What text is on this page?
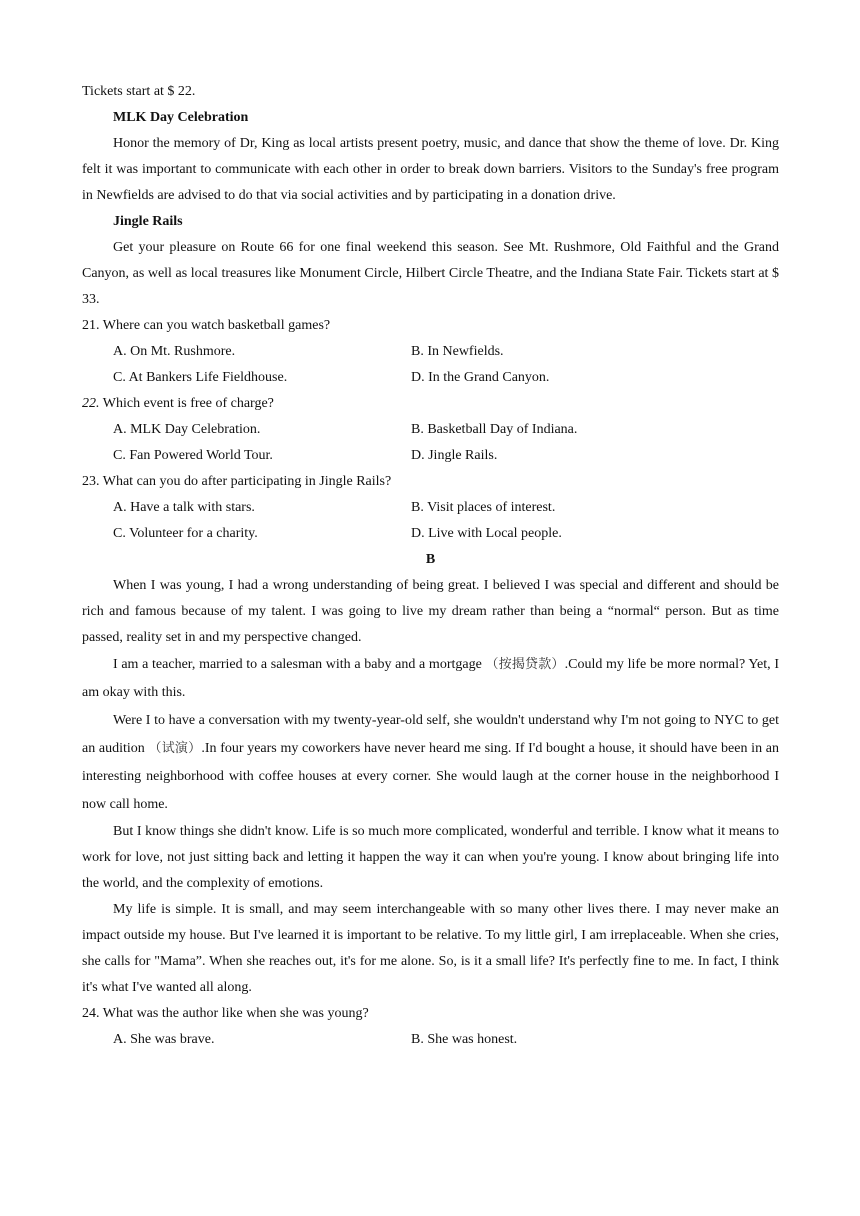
Tickets start at $ 22.
MLK Day Celebration

Honor the memory of Dr, King as local artists present poetry, music, and dance that show the theme of love. Dr. King felt it was important to communicate with each other in order to break down barriers. Visitors to the Sunday's free program in Newfields are advised to do that via social activities and by participating in a donation drive.

Jingle Rails

Get your pleasure on Route 66 for one final weekend this season. See Mt. Rushmore, Old Faithful and the Grand Canyon, as well as local treasures like Monument Circle, Hilbert Circle Theatre, and the Indiana State Fair. Tickets start at $ 33.

21. Where can you watch basketball games?
A. On Mt. Rushmore.	B. In Newfields.
C. At Bankers Life Fieldhouse.	D. In the Grand Canyon.
22. Which event is free of charge?
A. MLK Day Celebration.	B. Basketball Day of Indiana.
C. Fan Powered World Tour.	D. Jingle Rails.
23. What can you do after participating in Jingle Rails?
A. Have a talk with stars.	B. Visit places of interest.
C. Volunteer for a charity.	D. Live with Local people.
B

When I was young, I had a wrong understanding of being great. I believed I was special and different and should be rich and famous because of my talent. I was going to live my dream rather than being a “normal“ person. But as time passed, reality set in and my perspective changed.

I am a teacher, married to a salesman with a baby and a mortgage （按揭贷款）.Could my life be more normal? Yet, I am okay with this.

Were I to have a conversation with my twenty-year-old self, she wouldn't understand why I'm not going to NYC to get an audition （试演）.In four years my coworkers have never heard me sing. If I'd bought a house, it should have been in an interesting neighborhood with coffee houses at every corner. She would laugh at the corner house in the neighborhood I now call home.

But I know things she didn't know. Life is so much more complicated, wonderful and terrible. I know what it means to work for love, not just sitting back and letting it happen the way it can when you're young. I know about bringing life into the world, and the complexity of emotions.

My life is simple. It is small, and may seem interchangeable with so many other lives there. I may never make an impact outside my house. But I've learned it is important to be relative. To my little girl, I am irreplaceable. When she cries, she calls for "Mama”. When she reaches out, it's for me alone. So, is it a small life? It's perfectly fine to me. In fact, I think it's what I've wanted all along.

24. What was the author like when she was young?
A. She was brave.	B. She was honest.
